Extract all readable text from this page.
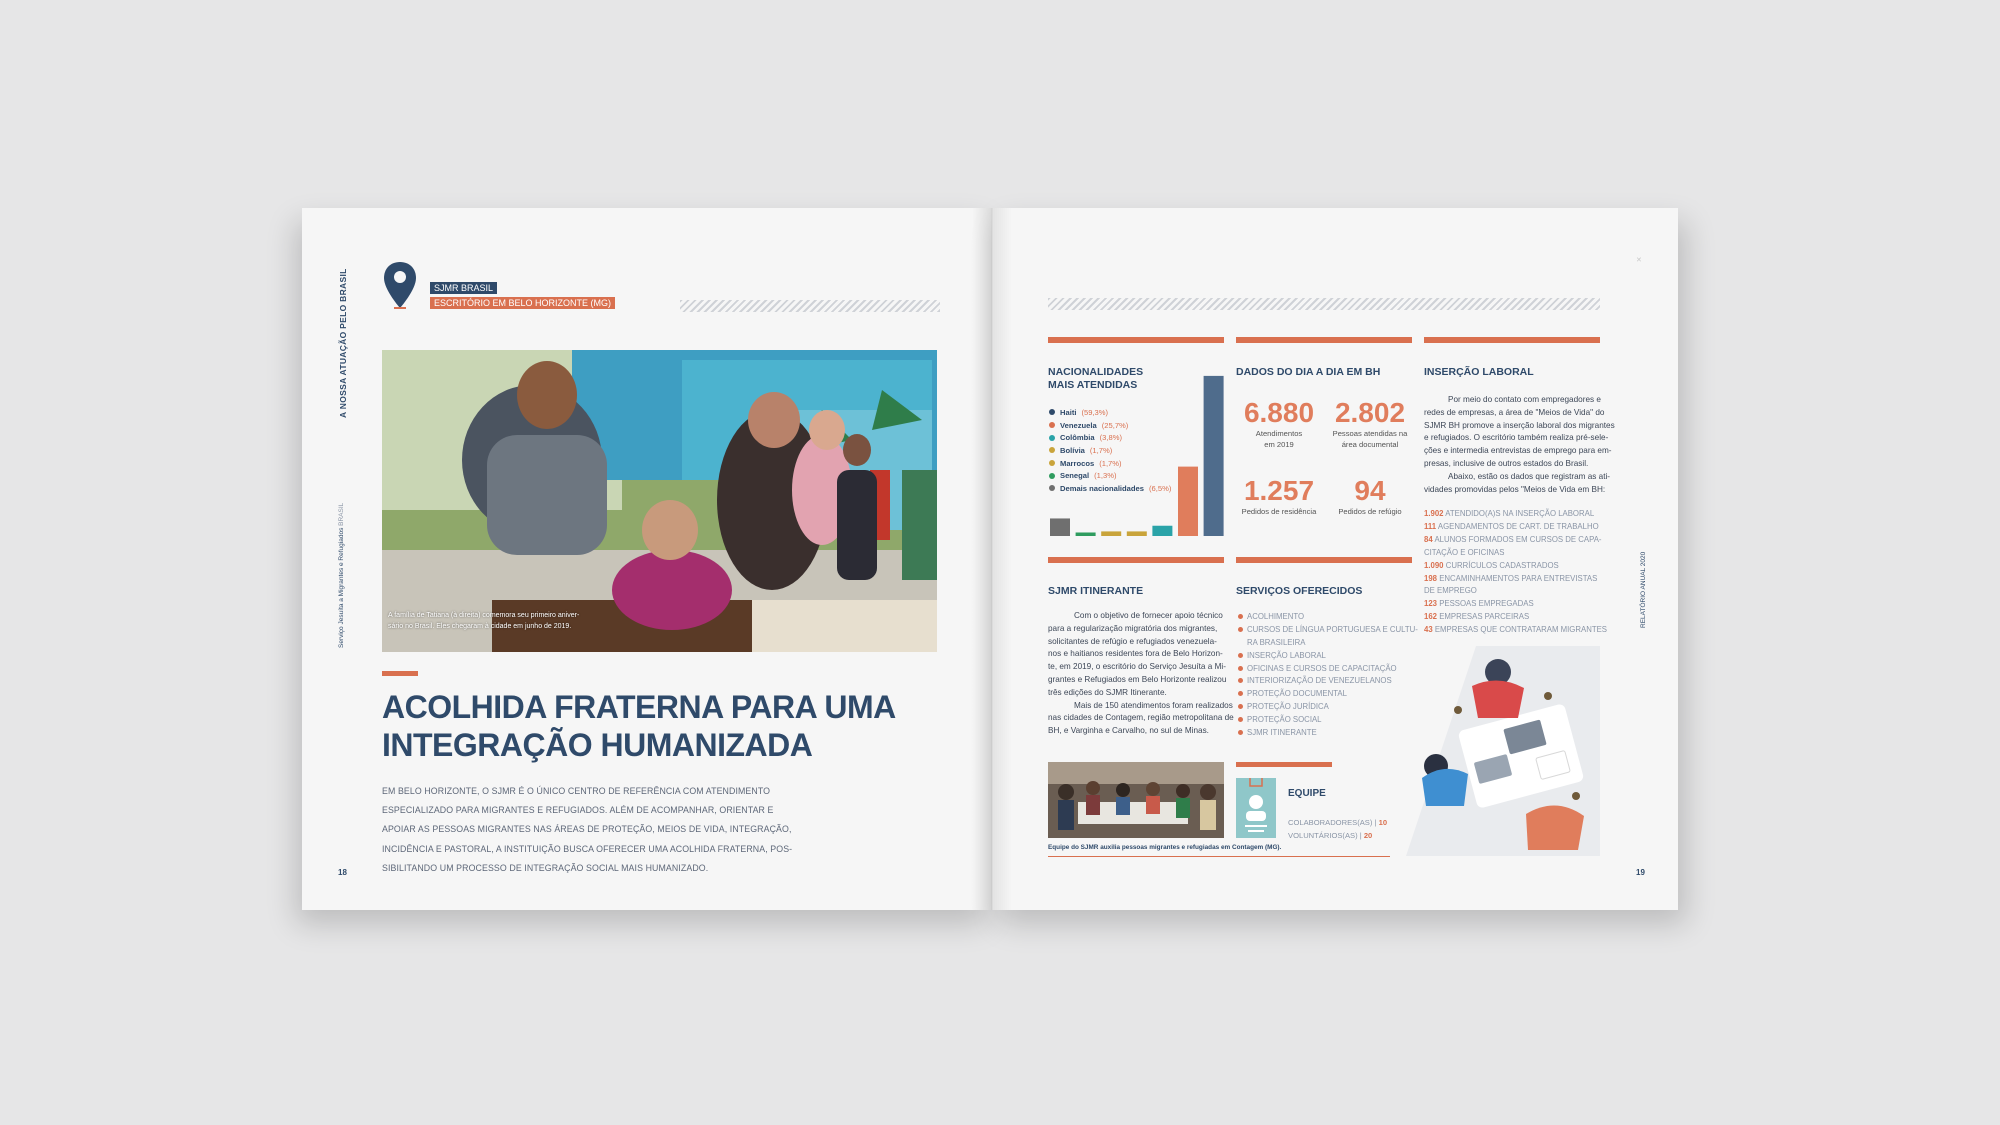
A NOSSA ATUAÇÃO PELO BRASIL
Serviço Jesuíta a Migrantes e Refugiados BRASIL
SJMR BRASIL
ESCRITÓRIO EM BELO HORIZONTE (MG)
A família de Tatiana (à direita) comemora seu primeiro aniver-
sário no Brasil. Eles chegaram à cidade em junho de 2019.
ACOLHIDA FRATERNA PARA UMA
INTEGRAÇÃO HUMANIZADA
EM BELO HORIZONTE, O SJMR É O ÚNICO CENTRO DE REFERÊNCIA COM ATENDIMENTO
ESPECIALIZADO PARA MIGRANTES E REFUGIADOS. ALÉM DE ACOMPANHAR, ORIENTAR E
APOIAR AS PESSOAS MIGRANTES NAS ÁREAS DE PROTEÇÃO, MEIOS DE VIDA, INTEGRAÇÃO,
INCIDÊNCIA E PASTORAL, A INSTITUIÇÃO BUSCA OFERECER UMA ACOLHIDA FRATERNA, POS-
SIBILITANDO UM PROCESSO DE INTEGRAÇÃO SOCIAL MAIS HUMANIZADO.
18
✕
NACIONALIDADES
MAIS ATENDIDAS
Haiti (59,3%)
Venezuela (25,7%)
Colômbia (3,8%)
Bolívia (1,7%)
Marrocos (1,7%)
Senegal (1,3%)
Demais nacionalidades (6,5%)
DADOS DO DIA A DIA EM BH
6.880
Atendimentos
em 2019
2.802
Pessoas atendidas na
área documental
1.257
Pedidos de residência
94
Pedidos de refúgio
INSERÇÃO LABORAL
Por meio do contato com empregadores e
redes de empresas, a área de "Meios de Vida" do
SJMR BH promove a inserção laboral dos migrantes
e refugiados. O escritório também realiza pré-sele-
ções e intermedia entrevistas de emprego para em-
presas, inclusive de outros estados do Brasil.
Abaixo, estão os dados que registram as ati-
vidades promovidas pelos "Meios de Vida em BH:
1.902 ATENDIDO(A)S NA INSERÇÃO LABORAL
111 AGENDAMENTOS DE CART. DE TRABALHO
84 ALUNOS FORMADOS EM CURSOS DE CAPA-
CITAÇÃO E OFICINAS
1.090 CURRÍCULOS CADASTRADOS
198 ENCAMINHAMENTOS PARA ENTREVISTAS
DE EMPREGO
123 PESSOAS EMPREGADAS
162 EMPRESAS PARCEIRAS
43 EMPRESAS QUE CONTRATARAM MIGRANTES
SJMR ITINERANTE
Com o objetivo de fornecer apoio técnico
para a regularização migratória dos migrantes,
solicitantes de refúgio e refugiados venezuela-
nos e haitianos residentes fora de Belo Horizon-
te, em 2019, o escritório do Serviço Jesuíta a Mi-
grantes e Refugiados em Belo Horizonte realizou
três edições do SJMR Itinerante.
Mais de 150 atendimentos foram realizados
nas cidades de Contagem, região metropolitana de
BH, e Varginha e Carvalho, no sul de Minas.
Equipe do SJMR auxilia pessoas migrantes e refugiadas em Contagem (MG).
SERVIÇOS OFERECIDOS
ACOLHIMENTO
CURSOS DE LÍNGUA PORTUGUESA E CULTU-
RA BRASILEIRA
INSERÇÃO LABORAL
OFICINAS E CURSOS DE CAPACITAÇÃO
INTERIORIZAÇÃO DE VENEZUELANOS
PROTEÇÃO DOCUMENTAL
PROTEÇÃO JURÍDICA
PROTEÇÃO SOCIAL
SJMR ITINERANTE
EQUIPE
COLABORADORES(AS) | 10
VOLUNTÁRIOS(AS) | 20
RELATÓRIO ANUAL 2020
19
